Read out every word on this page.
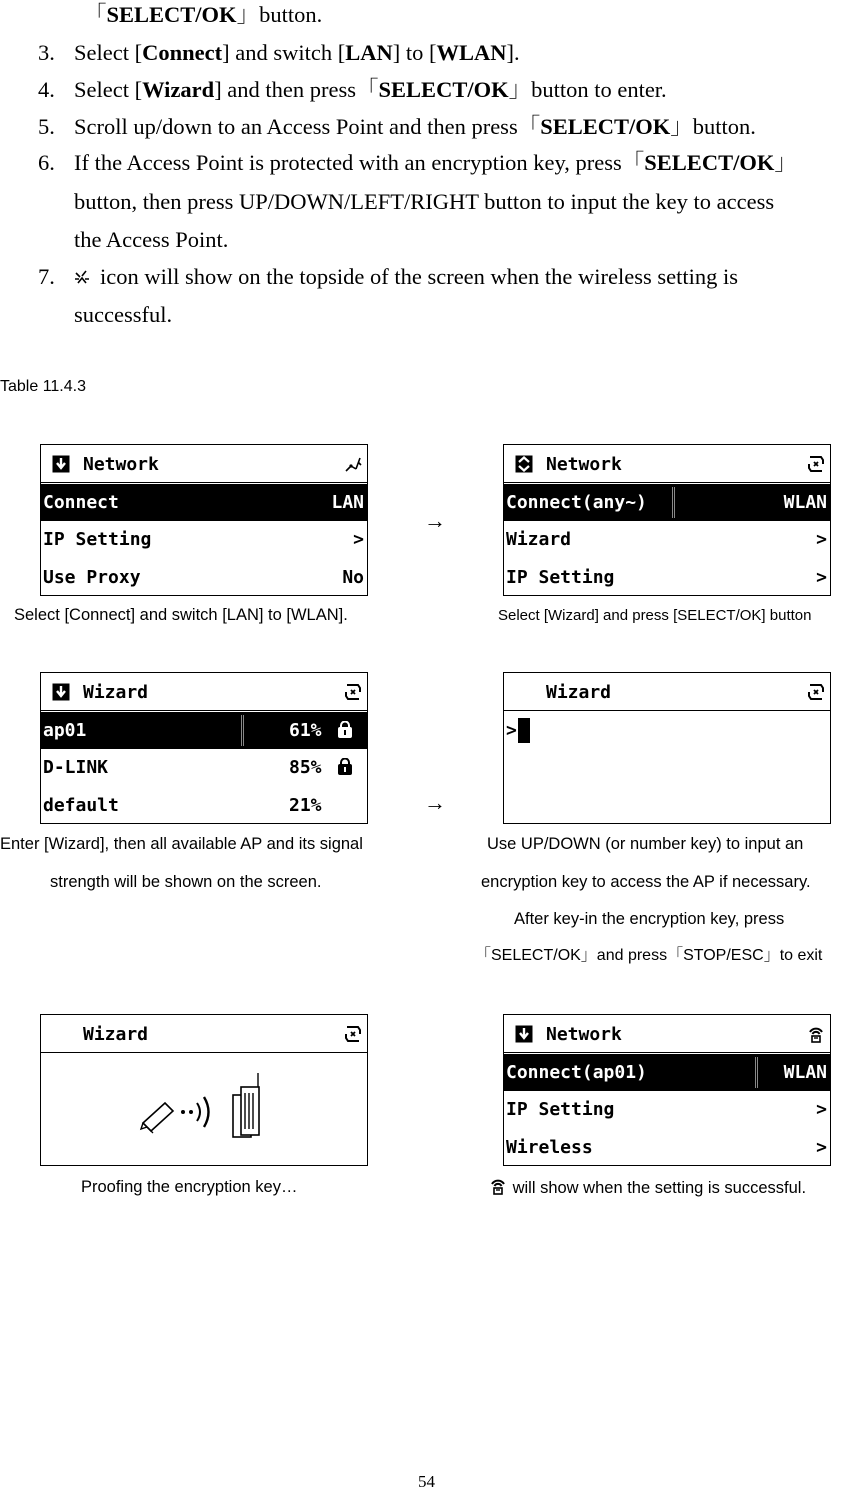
「SELECT/OK」button.
3. Select [Connect] and switch [LAN] to [WLAN].
4. Select [Wizard] and then press「SELECT/OK」button to enter.
5. Scroll up/down to an Access Point and then press「SELECT/OK」button.
6. If the Access Point is protected with an encryption key, press「SELECT/OK」
button, then press UP/DOWN/LEFT/RIGHT button to input the key to access
the Access Point.
7. icon will show on the topside of the screen when the wireless setting is
successful.
Table 11.4.3
Network
Connect	LAN
IP Setting	>
Use Proxy	No
→
Network
Connect(any~)	WLAN
Wizard	>
IP Setting	>
Select [Connect] and switch [LAN] to [WLAN].	Select [Wizard] and press [SELECT/OK] button
Wizard
ap01	61%
D-LINK	85%
default	21%	→
Wizard
>
Enter [Wizard], then all available AP and its signal
strength will be shown on the screen.
Use UP/DOWN (or number key) to input an
encryption key to access the AP if necessary.
After key-in the encryption key, press
「SELECT/OK」and press「STOP/ESC」to exit
Wizard	Network
Connect(ap01)	WLAN
IP Setting	>
Wireless	>
Proofing the encryption key…	will show when the setting is successful.
54
